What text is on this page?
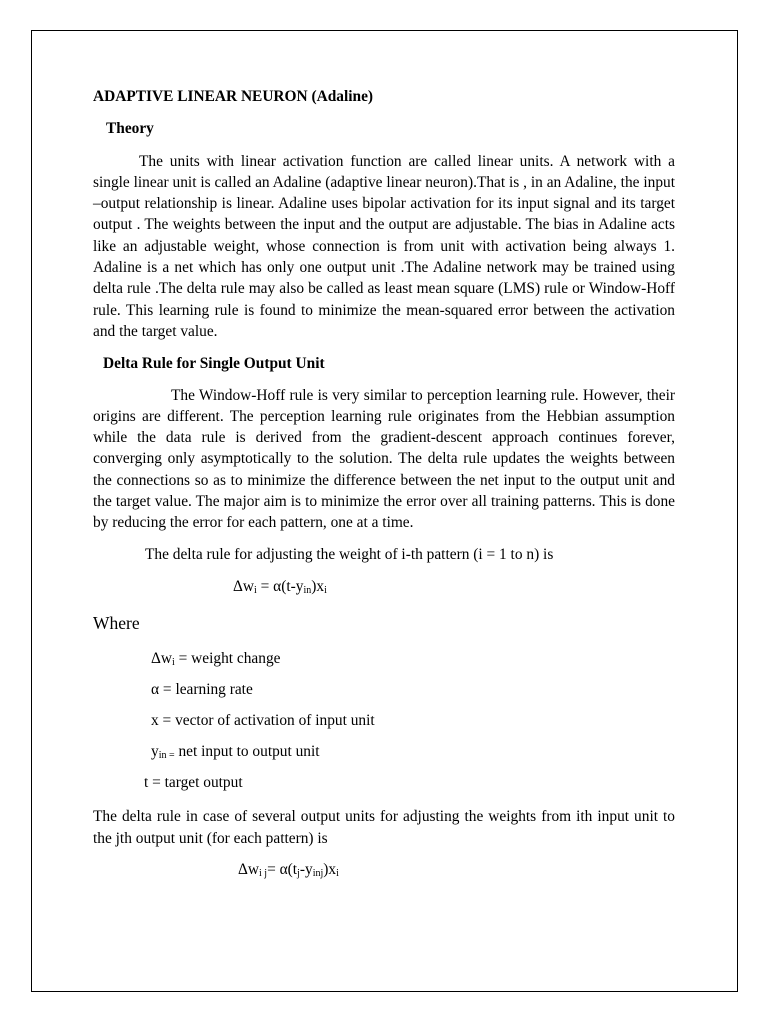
ADAPTIVE LINEAR NEURON (Adaline)
Theory

The units with linear activation function are called linear units. A network with a single linear unit is called an Adaline (adaptive linear neuron).That is , in an Adaline, the input –output relationship is linear. Adaline uses bipolar activation for its input signal and its target output . The weights between the input and the output are adjustable. The bias in Adaline acts like an adjustable weight, whose connection is from unit with activation being always 1. Adaline is a net which has only one output unit .The Adaline network may be trained using delta rule .The delta rule may also be called as least mean square (LMS) rule or Window-Hoff rule. This learning rule is found to minimize the mean-squared error between the activation and the target value.

Delta Rule for Single Output Unit

The Window-Hoff rule is very similar to perception learning rule. However, their origins are different. The perception learning rule originates from the Hebbian assumption while the data rule is derived from the gradient-descent approach continues forever, converging only asymptotically to the solution. The delta rule updates the weights between the connections so as to minimize the difference between the net input to the output unit and the target value. The major aim is to minimize the error over all training patterns. This is done by reducing the error for each pattern, one at a time.

The delta rule for adjusting the weight of i-th pattern (i = 1 to n) is

$\Delta w_i = \alpha(t-y_{in})x_i$
Where
$\Delta w_i$ = weight change
α = learning rate
x = vector of activation of input unit
$y_{in =}$ net input to output unit
t = target output

The delta rule in case of several output units for adjusting the weights from ith input unit to the jth output unit (for each pattern) is

$\Delta w_{i j}= \alpha(t_j-y_{inj})x_i$
